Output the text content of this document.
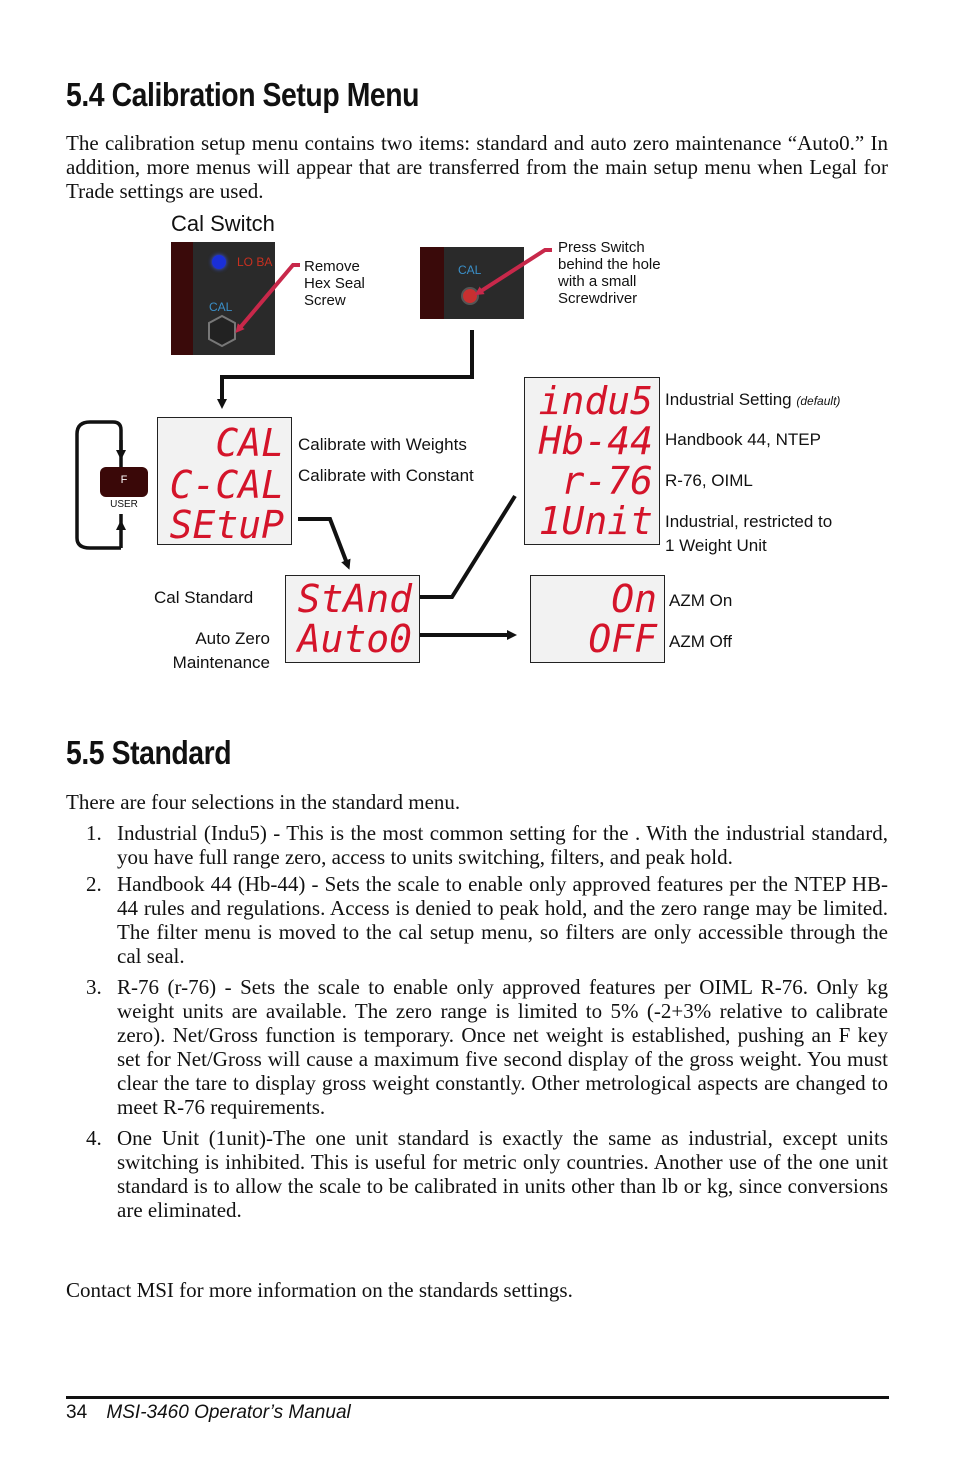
5.4 Calibration Setup Menu
The calibration setup menu contains two items: standard and auto zero maintenance “Auto0.” In addition, more menus will appear that are transferred from the main setup menu when Legal for Trade settings are used.
Cal Switch
LO BA
CAL
CAL
Remove
Hex Seal
Screw
Press Switch
behind the hole
with a small
Screwdriver
F
USER
CAL
C-CAL
SEtuP
Calibrate with Weights
Calibrate with Constant
indu5
Hb-44
r-76
1Unit
Industrial Setting (default)
Handbook 44, NTEP
R-76, OIML
Industrial, restricted to
1 Weight Unit
StAnd
Auto0
Cal Standard
Auto Zero
Maintenance
On
OFF
AZM On
AZM Off
5.5 Standard
There are four selections in the standard menu.
1. Industrial (Indu5) - This is the most common setting for the . With the industrial standard, you have full range zero, access to units switching, filters, and peak hold.
2. Handbook 44 (Hb-44) - Sets the scale to enable only approved features per the NTEP HB-44 rules and regulations. Access is denied to peak hold, and the zero range may be limited. The filter menu is moved to the cal setup menu, so filters are only accessible through the cal seal.
3. R-76 (r-76) - Sets the scale to enable only approved features per OIML R-76. Only kg weight units are available. The zero range is limited to 5% (-2+3% relative to calibrate zero). Net/Gross function is temporary. Once net weight is established, pushing an F key set for Net/Gross will cause a maximum five second display of the gross weight. You must clear the tare to display gross weight constantly. Other metrological aspects are changed to meet R-76 requirements.
4. One Unit (1unit)-The one unit standard is exactly the same as industrial, except units switching is inhibited. This is useful for metric only countries. Another use of the one unit standard is to allow the scale to be calibrated in units other than lb or kg, since conversions are eliminated.
Contact MSI for more information on the standards settings.
34 MSI-3460 Operator’s Manual
